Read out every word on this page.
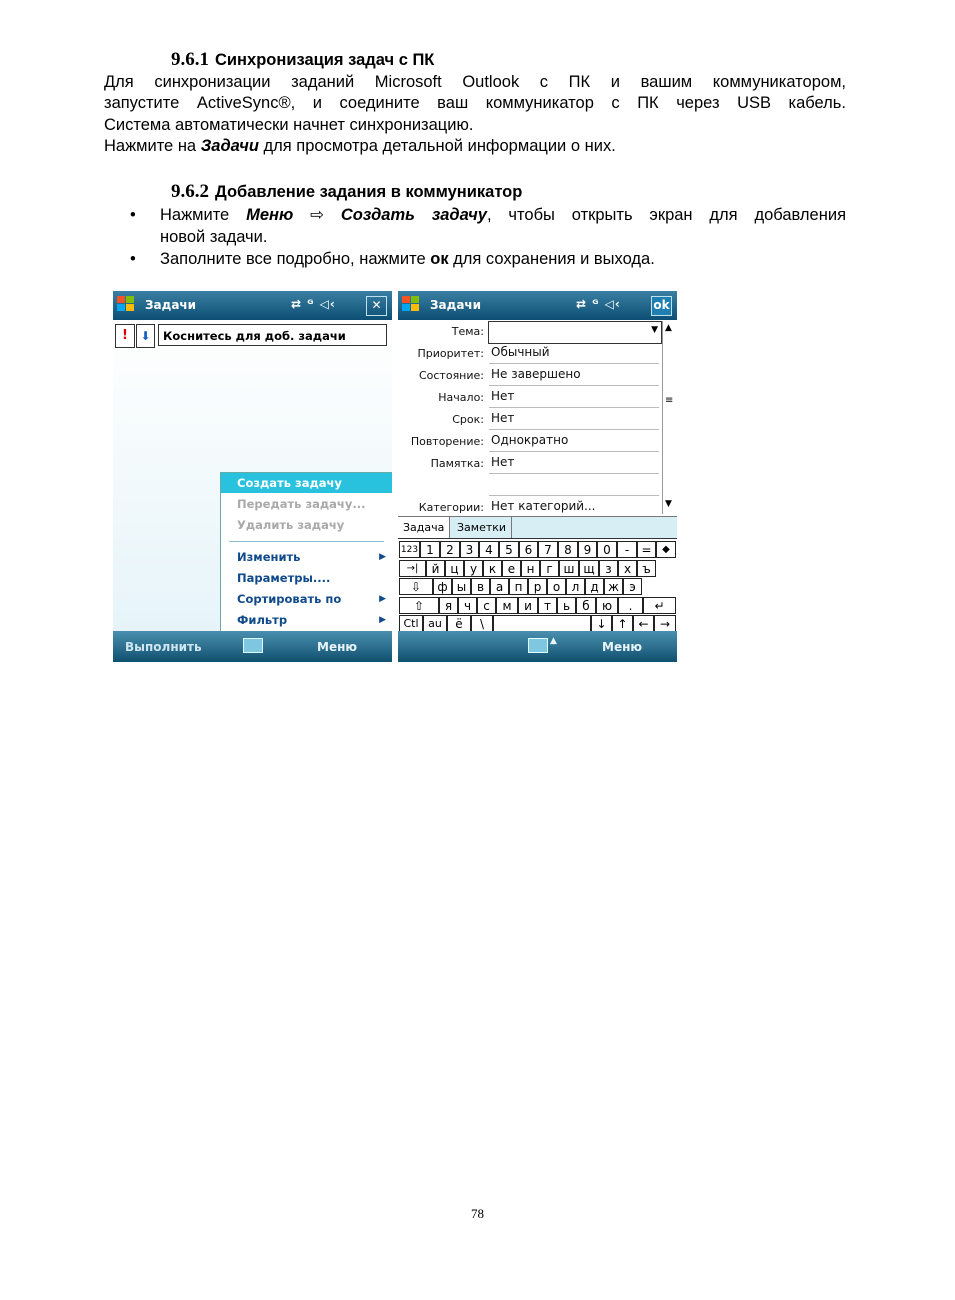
9.6.1 Синхронизация задач с ПК
Для синхронизации заданий Microsoft Outlook с ПК и вашим коммуникатором,
запустите ActiveSync®, и соедините ваш коммуникатор с ПК через USB кабель.
Система автоматически начнет синхронизацию.
Нажмите на Задачи для просмотра детальной информации о них.
9.6.2 Добавление задания в коммуникатор
• Нажмите Меню ⇨ Создать задачу, чтобы открыть экран для добавления
новой задачи.
• Заполните все подробно, нажмите ок для сохранения и выхода.
Задачи	⇄ ᴳ ◁‹	✕
!	⬇	Коснитесь для доб. задачи
Создать задачу
Передать задачу...
Удалить задачу
Изменить	▶
Параметры....
Сортировать по	▶
Фильтр	▶
Выполнить	Меню
Задачи	⇄ ᴳ ◁‹	ok
Тема:	▼
Приоритет: Обычный
Состояние: Не завершено
Начало: Нет
Срок: Нет
Повторение: Однократно
Памятка: Нет
Категории: Нет категорий...
▲
≡
▼
Задача	Заметки
123 1	2 3 4	5 6 7	8 9 0	-	=	◆
→|	й ц у к е н г ш щ з	х ъ
⇩	ф ы в а п р о л д ж э
⇧	я ч	с	м	и	т ь	б	ю	.	↵
Ctl au	ё	\	↓ ↑ ← →
▲	Меню
78
